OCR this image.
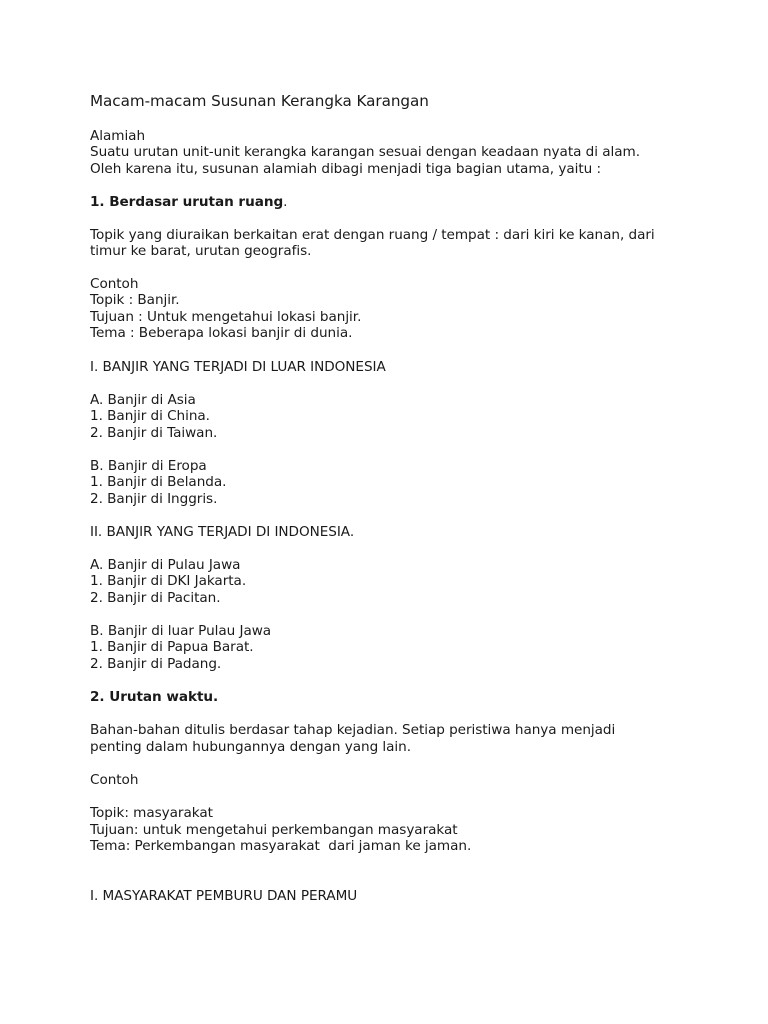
Macam-macam Susunan Kerangka Karangan
Alamiah
Suatu urutan unit-unit kerangka karangan sesuai dengan keadaan nyata di alam.
Oleh karena itu, susunan alamiah dibagi menjadi tiga bagian utama, yaitu :
1. Berdasar urutan ruang.
Topik yang diuraikan berkaitan erat dengan ruang / tempat : dari kiri ke kanan, dari
timur ke barat, urutan geografis.
Contoh
Topik : Banjir.
Tujuan : Untuk mengetahui lokasi banjir.
Tema : Beberapa lokasi banjir di dunia.
I. BANJIR YANG TERJADI DI LUAR INDONESIA
A. Banjir di Asia
1. Banjir di China.
2. Banjir di Taiwan.
B. Banjir di Eropa
1. Banjir di Belanda.
2. Banjir di Inggris.
II. BANJIR YANG TERJADI DI INDONESIA.
A. Banjir di Pulau Jawa
1. Banjir di DKI Jakarta.
2. Banjir di Pacitan.
B. Banjir di luar Pulau Jawa
1. Banjir di Papua Barat.
2. Banjir di Padang.
2. Urutan waktu.
Bahan-bahan ditulis berdasar tahap kejadian. Setiap peristiwa hanya menjadi
penting dalam hubungannya dengan yang lain.
Contoh
Topik: masyarakat
Tujuan: untuk mengetahui perkembangan masyarakat
Tema: Perkembangan masyarakat  dari jaman ke jaman.
I. MASYARAKAT PEMBURU DAN PERAMU
